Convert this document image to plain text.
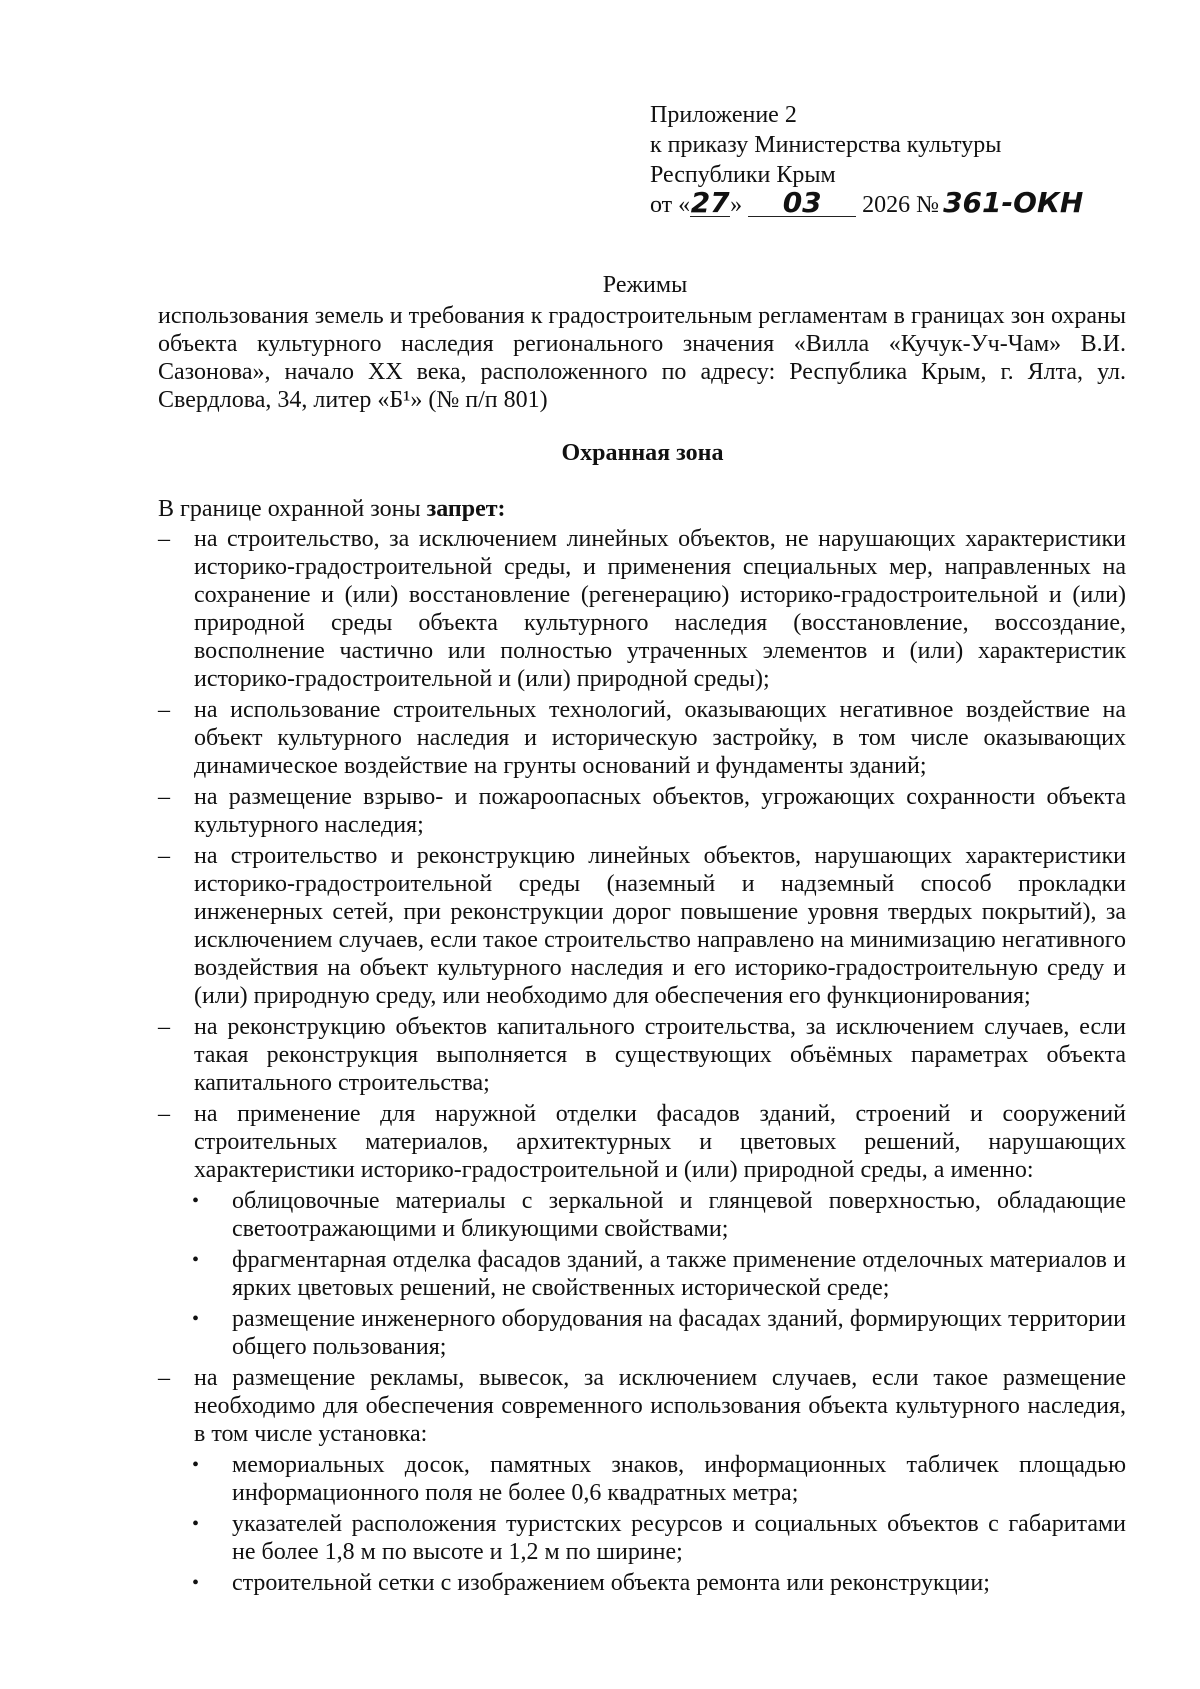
Приложение 2
к приказу Министерства культуры
Республики Крым
от «27» 03 2026 № 361-ОКН
Режимы
использования земель и требования к градостроительным регламентам в границах зон охраны объекта культурного наследия регионального значения «Вилла «Кучук-Уч-Чам» В.И. Сазонова», начало XX века, расположенного по адресу: Республика Крым, г. Ялта, ул. Свердлова, 34, литер «Б¹» (№ п/п 801)
Охранная зона

В границе охранной зоны запрет:

– на строительство, за исключением линейных объектов, не нарушающих характеристики историко-градостроительной среды, и применения специальных мер, направленных на сохранение и (или) восстановление (регенерацию) историко-градостроительной и (или) природной среды объекта культурного наследия (восстановление, воссоздание, восполнение частично или полностью утраченных элементов и (или) характеристик историко-градостроительной и (или) природной среды);

– на использование строительных технологий, оказывающих негативное воздействие на объект культурного наследия и историческую застройку, в том числе оказывающих динамическое воздействие на грунты оснований и фундаменты зданий;

– на размещение взрыво- и пожароопасных объектов, угрожающих сохранности объекта культурного наследия;

– на строительство и реконструкцию линейных объектов, нарушающих характеристики историко-градостроительной среды (наземный и надземный способ прокладки инженерных сетей, при реконструкции дорог повышение уровня твердых покрытий), за исключением случаев, если такое строительство направлено на минимизацию негативного воздействия на объект культурного наследия и его историко-градостроительную среду и (или) природную среду, или необходимо для обеспечения его функционирования;

– на реконструкцию объектов капитального строительства, за исключением случаев, если такая реконструкция выполняется в существующих объёмных параметрах объекта капитального строительства;

– на применение для наружной отделки фасадов зданий, строений и сооружений строительных материалов, архитектурных и цветовых решений, нарушающих характеристики историко-градостроительной и (или) природной среды, а именно:

• облицовочные материалы с зеркальной и глянцевой поверхностью, обладающие светоотражающими и бликующими свойствами;
• фрагментарная отделка фасадов зданий, а также применение отделочных материалов и ярких цветовых решений, не свойственных исторической среде;
• размещение инженерного оборудования на фасадах зданий, формирующих территории общего пользования;
– на размещение рекламы, вывесок, за исключением случаев, если такое размещение необходимо для обеспечения современного использования объекта культурного наследия, в том числе установка:

• мемориальных досок, памятных знаков, информационных табличек площадью информационного поля не более 0,6 квадратных метра;
• указателей расположения туристских ресурсов и социальных объектов с габаритами не более 1,8 м по высоте и 1,2 м по ширине;
• строительной сетки с изображением объекта ремонта или реконструкции;
